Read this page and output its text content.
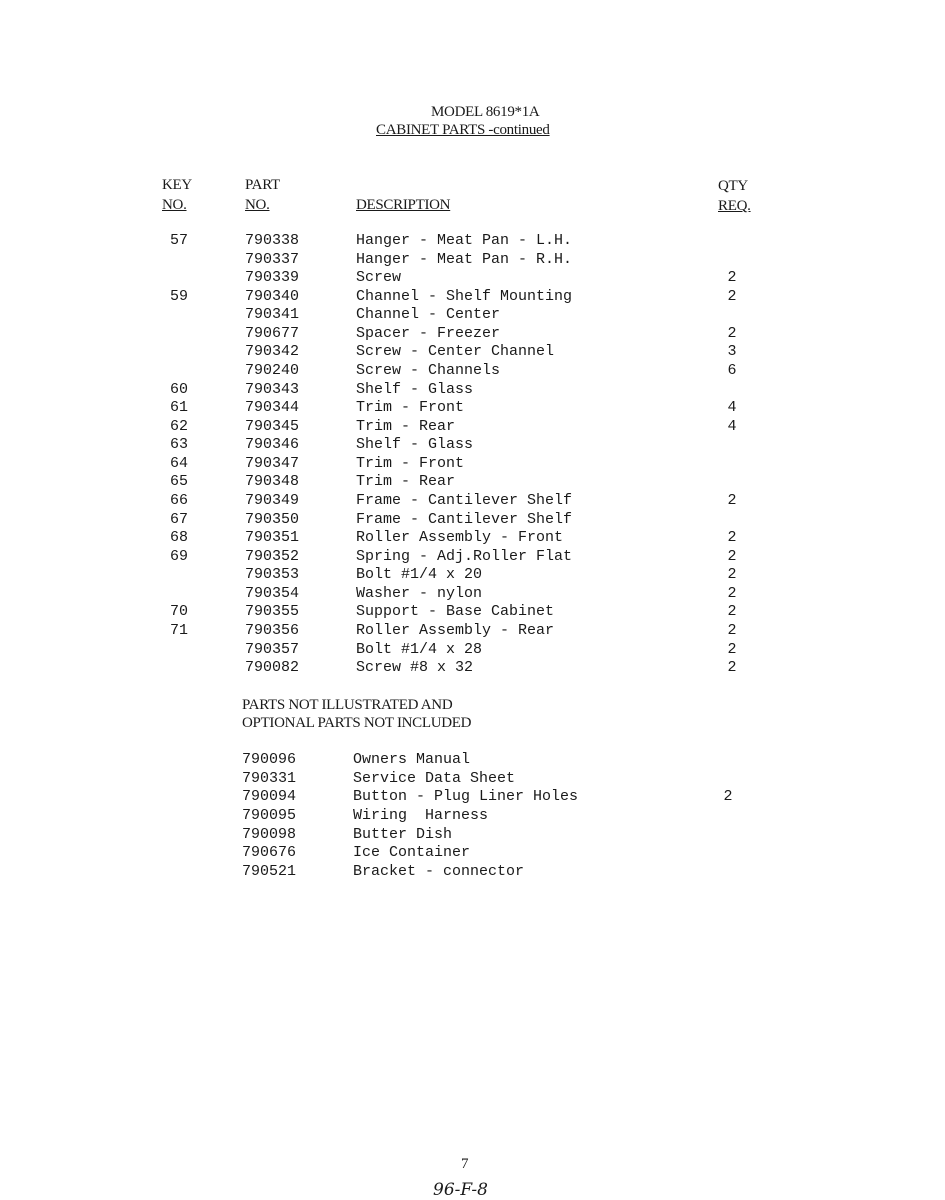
MODEL 8619*1A
CABINET PARTS -continued
KEY
NO.
PART
NO.	DESCRIPTION
QTY
REQ.
57	790338	Hanger - Meat Pan - L.H.
790337	Hanger - Meat Pan - R.H.
790339	Screw	2
59	790340	Channel - Shelf Mounting	2
790341	Channel - Center
790677	Spacer - Freezer	2
790342	Screw - Center Channel	3
790240	Screw - Channels	6
60	790343	Shelf - Glass
61	790344	Trim - Front	4
62	790345	Trim - Rear	4
63	790346	Shelf - Glass
64	790347	Trim - Front
65	790348	Trim - Rear
66	790349	Frame - Cantilever Shelf	2
67	790350	Frame - Cantilever Shelf
68	790351	Roller Assembly - Front	2
69	790352	Spring - Adj.Roller Flat	2
790353	Bolt #1/4 x 20	2
790354	Washer - nylon	2
70	790355	Support - Base Cabinet	2
71	790356	Roller Assembly - Rear	2
790357	Bolt #1/4 x 28	2
790082	Screw #8 x 32	2
PARTS NOT ILLUSTRATED AND
OPTIONAL PARTS NOT INCLUDED
790096	Owners Manual
790331	Service Data Sheet
790094	Button - Plug Liner Holes	2
790095	Wiring  Harness
790098	Butter Dish
790676	Ice Container
790521	Bracket - connector
7
96-F-8
